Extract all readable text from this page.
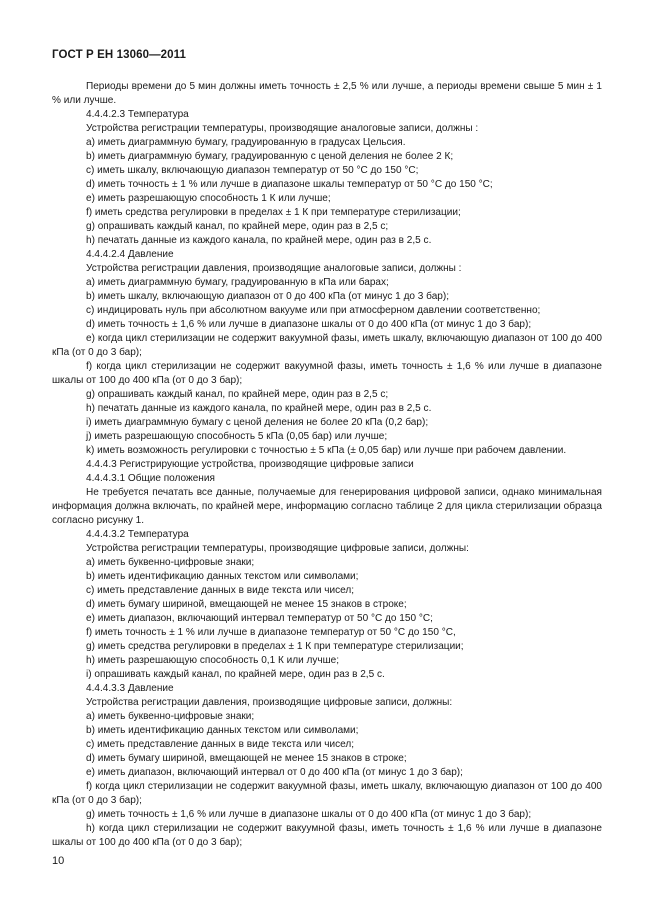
ГОСТ Р ЕН 13060—2011

Периоды времени до 5 мин должны иметь точность ± 2,5 % или лучше, а периоды времени свыше 5 мин ± 1 % или лучше.

4.4.4.2.3 Температура

Устройства регистрации температуры, производящие аналоговые записи, должны :

а) иметь диаграммную бумагу, градуированную в градусах Цельсия.

b) иметь диаграммную бумагу, градуированную с ценой деления не более 2 К;

с) иметь шкалу, включающую диапазон температур от 50 °С до 150 °С;

d) иметь точность ± 1 % или лучше в диапазоне шкалы температур от 50 °С до 150 °С;

е) иметь разрешающую способность 1 К или лучше;

f) иметь средства регулировки в пределах ± 1 К при температуре стерилизации;

g) опрашивать каждый канал, по крайней мере, один раз в 2,5 с;

h) печатать данные из каждого канала, по крайней мере, один раз в 2,5 с.

4.4.4.2.4 Давление

Устройства регистрации давления, производящие аналоговые записи, должны :

а) иметь диаграммную бумагу, градуированную в кПа или барах;

b) иметь шкалу, включающую диапазон от 0 до 400 кПа (от минус 1 до 3 бар);

с) индицировать нуль при абсолютном вакууме или при атмосферном давлении соответственно;

d) иметь точность ± 1,6 % или лучше в диапазоне шкалы от 0 до 400 кПа (от минус 1 до 3 бар);

е) когда цикл стерилизации не содержит вакуумной фазы, иметь шкалу, включающую диапазон от 100 до 400 кПа (от 0 до 3 бар);

f) когда цикл стерилизации не содержит вакуумной фазы, иметь точность ± 1,6 % или лучше в диапазоне шкалы от 100 до 400 кПа (от 0 до 3 бар);

g) опрашивать каждый канал, по крайней мере, один раз в 2,5 с;

h) печатать данные из каждого канала, по крайней мере, один раз в 2,5 с.

i) иметь диаграммную бумагу с ценой деления не более 20 кПа (0,2 бар);

j) иметь разрешающую способность 5 кПа (0,05 бар) или лучше;

k) иметь возможность регулировки с точностью ± 5 кПа (± 0,05 бар) или лучше при рабочем давлении.

4.4.4.3 Регистрирующие устройства, производящие цифровые записи

4.4.4.3.1 Общие положения

Не требуется печатать все данные, получаемые для генерирования цифровой записи, однако минимальная информация должна включать, по крайней мере, информацию согласно таблице 2 для цикла стерилизации образца согласно рисунку 1.

4.4.4.3.2 Температура

Устройства регистрации температуры, производящие цифровые записи, должны:

а) иметь буквенно-цифровые знаки;

b) иметь идентификацию данных текстом или символами;

с) иметь представление данных в виде текста или чисел;

d) иметь бумагу шириной, вмещающей не менее 15 знаков в строке;

е) иметь диапазон, включающий интервал температур от 50 °С до 150 °С;

f) иметь точность ± 1 % или лучше в диапазоне температур от 50 °С до 150 °С,

g) иметь средства регулировки в пределах ± 1 К при температуре стерилизации;

h) иметь разрешающую способность 0,1 К или лучше;

i) опрашивать каждый канал, по крайней мере, один раз в 2,5 с.

4.4.4.3.3 Давление

Устройства регистрации давления, производящие цифровые записи, должны:

а) иметь буквенно-цифровые знаки;

b) иметь идентификацию данных текстом или символами;

с) иметь представление данных в виде текста или чисел;

d) иметь бумагу шириной, вмещающей не менее 15 знаков в строке;

е) иметь диапазон, включающий интервал от 0 до 400 кПа (от минус 1 до 3 бар);

f) когда цикл стерилизации не содержит вакуумной фазы, иметь шкалу, включающую диапазон от 100 до 400 кПа (от 0 до 3 бар);

g) иметь точность ± 1,6 % или лучше в диапазоне шкалы от 0 до 400 кПа (от минус 1 до 3 бар);

h) когда цикл стерилизации не содержит вакуумной фазы, иметь точность ± 1,6 % или лучше в диапазоне шкалы от 100 до 400 кПа (от 0 до 3 бар);

10
